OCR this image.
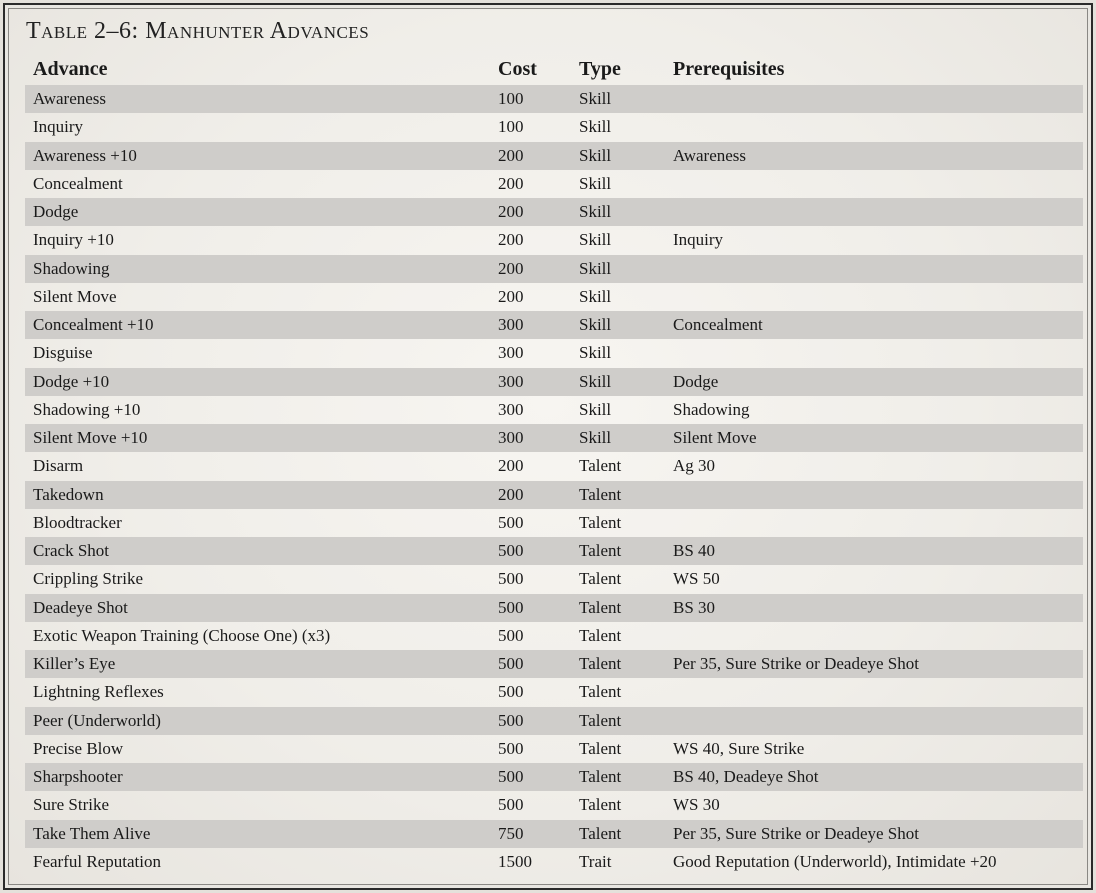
Table 2–6: Manhunter Advances
Advance	Cost Type	Prerequisites
Awareness	100	Skill
Inquiry	100	Skill
Awareness +10	200	Skill	Awareness
Concealment	200	Skill
Dodge	200	Skill
Inquiry +10	200	Skill	Inquiry
Shadowing	200	Skill
Silent Move	200	Skill
Concealment +10	300	Skill	Concealment
Disguise	300	Skill
Dodge +10	300	Skill	Dodge
Shadowing +10	300	Skill	Shadowing
Silent Move +10	300	Skill	Silent Move
Disarm	200	Talent	Ag 30
Takedown	200	Talent
Bloodtracker	500	Talent
Crack Shot	500	Talent	BS 40
Crippling Strike	500	Talent	WS 50
Deadeye Shot	500	Talent	BS 30
Exotic Weapon Training (Choose One) (x3)	500	Talent
Killer’s Eye	500	Talent	Per 35, Sure Strike or Deadeye Shot
Lightning Reflexes	500	Talent
Peer (Underworld)	500	Talent
Precise Blow	500	Talent	WS 40, Sure Strike
Sharpshooter	500	Talent	BS 40, Deadeye Shot
Sure Strike	500	Talent	WS 30
Take Them Alive	750	Talent	Per 35, Sure Strike or Deadeye Shot
Fearful Reputation	1500	Trait	Good Reputation (Underworld), Intimidate +20
